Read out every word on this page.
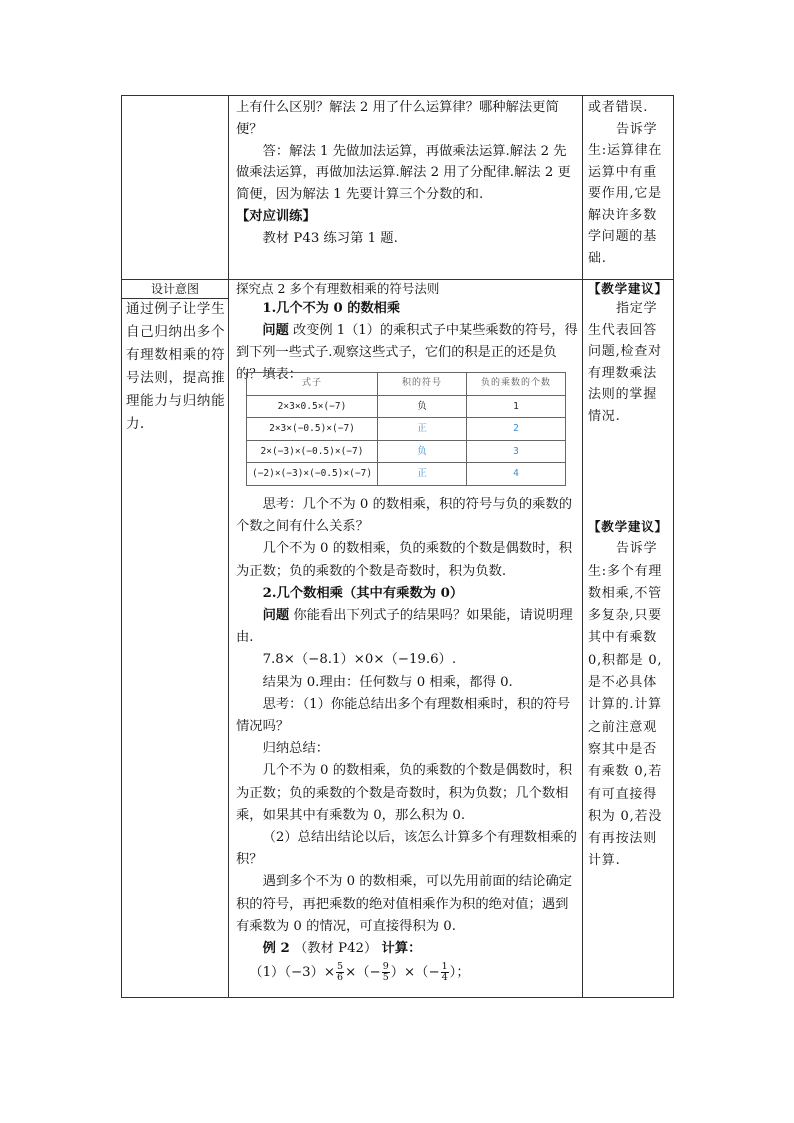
上有什么区别？解法 2 用了什么运算律？哪种解法更简

便？

答：解法 1 先做加法运算，再做乘法运算.解法 2 先

做乘法运算，再做加法运算.解法 2 用了分配律.解法 2 更

简便，因为解法 1 先要计算三个分数的和.

【对应训练】

教材 P43 练习第 1 题.

或者错误.

告诉学

生:运算律在

运算中有重

要作用,它是

解决许多数

学问题的基

础.

设计意图
通过例子让学生自己归纳出多个有理数相乘的符号法则，提高推理能力与归纳能力.

探究点 2 多个有理数相乘的符号法则

1.几个不为 0 的数相乘

问题 改变例 1（1）的乘积式子中某些乘数的符号，得到下列一些式子.观察这些式子，它们的积是正的还是负的？填表：

式子	积的符号	负的乘数的个数
2×3×0.5×(−7)	负	1
2×3×(−0.5)×(−7)	正	2
2×(−3)×(−0.5)×(−7)	负	3
(−2)×(−3)×(−0.5)×(−7)	正	4

思考：几个不为 0 的数相乘，积的符号与负的乘数的个数之间有什么关系？

几个不为 0 的数相乘，负的乘数的个数是偶数时，积为正数；负的乘数的个数是奇数时，积为负数.

2.几个数相乘（其中有乘数为 0）

问题 你能看出下列式子的结果吗？如果能，请说明理由.

7.8×（−8.1）×0×（−19.6）.

结果为 0.理由：任何数与 0 相乘，都得 0.

思考：（1）你能总结出多个有理数相乘时，积的符号情况吗？

归纳总结：

几个不为 0 的数相乘，负的乘数的个数是偶数时，积为正数；负的乘数的个数是奇数时，积为负数；几个数相乘，如果其中有乘数为 0，那么积为 0.

（2）总结出结论以后，该怎么计算多个有理数相乘的积？

遇到多个不为 0 的数相乘，可以先用前面的结论确定积的符号，再把乘数的绝对值相乘作为积的绝对值；遇到有乘数为 0 的情况，可直接得积为 0.

例 2 （教材 P42） 计算：

$(1)(-3)\times \frac{5}{6}$ ×（− $\frac{9}{5}$ ）×（− $\frac{1}{4}$ ）；

【教学建议】

指定学

生代表回答

问题,检查对

有理数乘法

法则的掌握

情况.

【教学建议】

告诉学

生:多个有理

数相乘,不管

多复杂,只要

其中有乘数

0,积都是 0,

是不必具体

计算的.计算

之前注意观

察其中是否

有乘数 0,若

有可直接得

积为 0,若没

有再按法则

计算.
